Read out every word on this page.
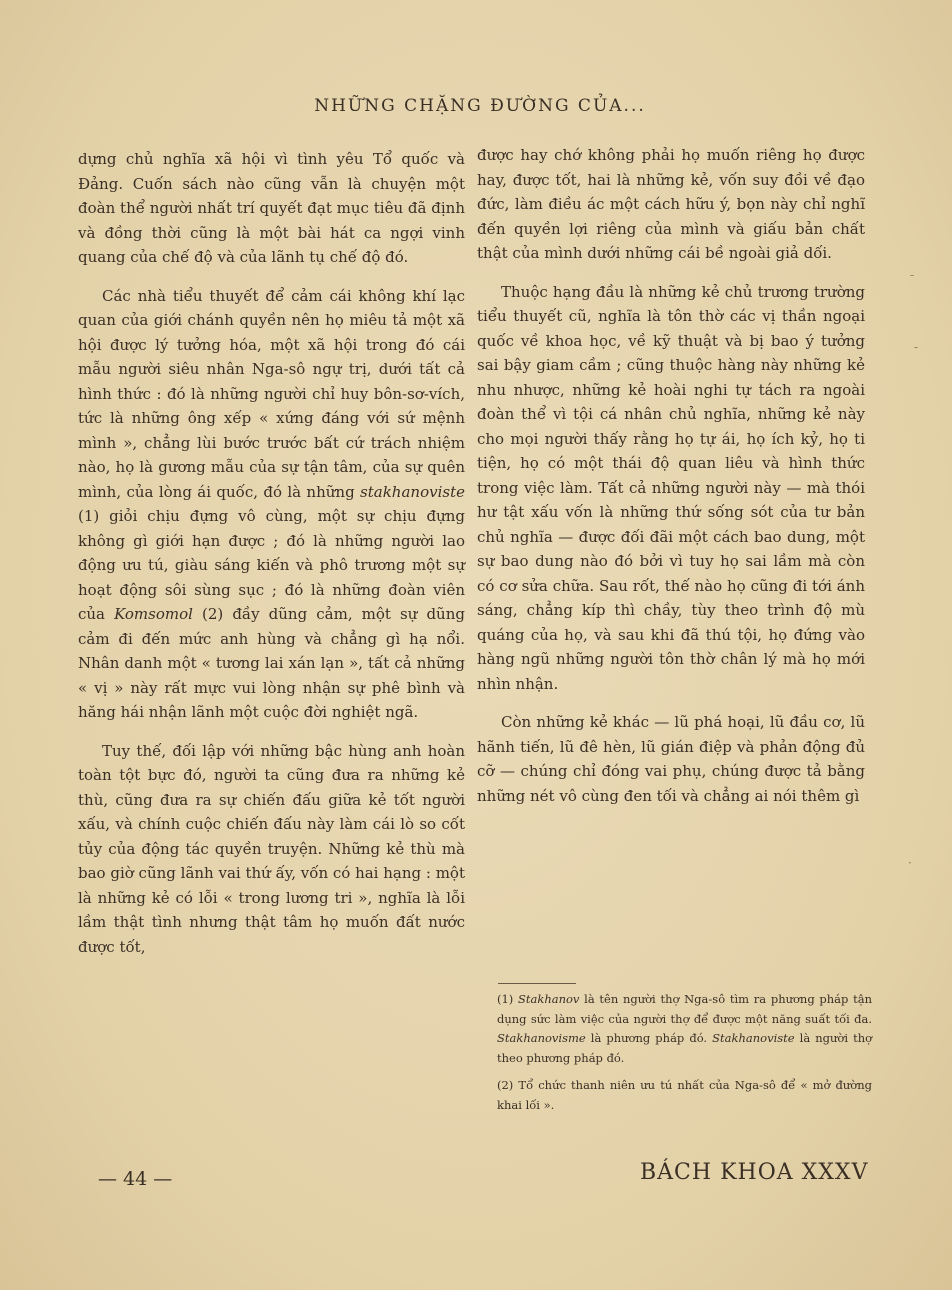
NHỮNG CHẶNG ĐƯỜNG CỦA...

dựng chủ nghĩa xã hội vì tình yêu Tổ quốc và Đảng. Cuốn sách nào cũng vẫn là chuyện một đoàn thể người nhất trí quyết đạt mục tiêu đã định và đồng thời cũng là một bài hát ca ngợi vinh quang của chế độ và của lãnh tụ chế độ đó.

Các nhà tiểu thuyết để cảm cái không khí lạc quan của giới chánh quyền nên họ miêu tả một xã hội được lý tưởng hóa, một xã hội trong đó cái mẫu người siêu nhân Nga-sô ngự trị, dưới tất cả hình thức : đó là những người chỉ huy bôn-sơ-vích, tức là những ông xếp « xứng đáng với sứ mệnh mình », chẳng lùi bước trước bất cứ trách nhiệm nào, họ là gương mẫu của sự tận tâm, của sự quên mình, của lòng ái quốc, đó là những stakhanoviste (1) giỏi chịu đựng vô cùng, một sự chịu đựng không gì giới hạn được ; đó là những người lao động ưu tú, giàu sáng kiến và phô trương một sự hoạt động sôi sùng sục ; đó là những đoàn viên của Komsomol (2) đầy dũng cảm, một sự dũng cảm đi đến mức anh hùng và chẳng gì hạ nổi. Nhân danh một « tương lai xán lạn », tất cả những « vị » này rất mực vui lòng nhận sự phê bình và hăng hái nhận lãnh một cuộc đời nghiệt ngã.

Tuy thế, đối lập với những bậc hùng anh hoàn toàn tột bực đó, người ta cũng đưa ra những kẻ thù, cũng đưa ra sự chiến đấu giữa kẻ tốt người xấu, và chính cuộc chiến đấu này làm cái lò so cốt tủy của động tác quyền truyện. Những kẻ thù mà bao giờ cũng lãnh vai thứ ấy, vốn có hai hạng : một là những kẻ có lỗi « trong lương tri », nghĩa là lỗi lầm thật tình nhưng thật tâm họ muốn đất nước được tốt,

được hay chớ không phải họ muốn riêng họ được hay, được tốt, hai là những kẻ, vốn suy đồi về đạo đức, làm điều ác một cách hữu ý, bọn này chỉ nghĩ đến quyền lợi riêng của mình và giấu bản chất thật của mình dưới những cái bề ngoài giả dối.

Thuộc hạng đầu là những kẻ chủ trương trường tiểu thuyết cũ, nghĩa là tôn thờ các vị thần ngoại quốc về khoa học, về kỹ thuật và bị bao ý tưởng sai bậy giam cầm ; cũng thuộc hàng này những kẻ nhu nhược, những kẻ hoài nghi tự tách ra ngoài đoàn thể vì tội cá nhân chủ nghĩa, những kẻ này cho mọi người thấy rằng họ tự ái, họ ích kỷ, họ ti tiện, họ có một thái độ quan liêu và hình thức trong việc làm. Tất cả những người này — mà thói hư tật xấu vốn là những thứ sống sót của tư bản chủ nghĩa — được đối đãi một cách bao dung, một sự bao dung nào đó bởi vì tuy họ sai lầm mà còn có cơ sửa chữa. Sau rốt, thế nào họ cũng đi tới ánh sáng, chẳng kíp thì chầy, tùy theo trình độ mù quáng của họ, và sau khi đã thú tội, họ đứng vào hàng ngũ những người tôn thờ chân lý mà họ mới nhìn nhận.

Còn những kẻ khác — lũ phá hoại, lũ đầu cơ, lũ hãnh tiến, lũ đê hèn, lũ gián điệp và phản động đủ cỡ — chúng chỉ đóng vai phụ, chúng được tả bằng những nét vô cùng đen tối và chẳng ai nói thêm gì

(1) Stakhanov là tên người thợ Nga-sô tìm ra phương pháp tận dụng sức làm việc của người thợ để được một năng suất tối đa. Stakhanovisme là phương pháp đó. Stakhanoviste là người thợ theo phương pháp đó.

(2) Tổ chức thanh niên ưu tú nhất của Nga-sô để « mở đường khai lối ».

— 44 —	BÁCH KHOA XXXV
-
-
·
